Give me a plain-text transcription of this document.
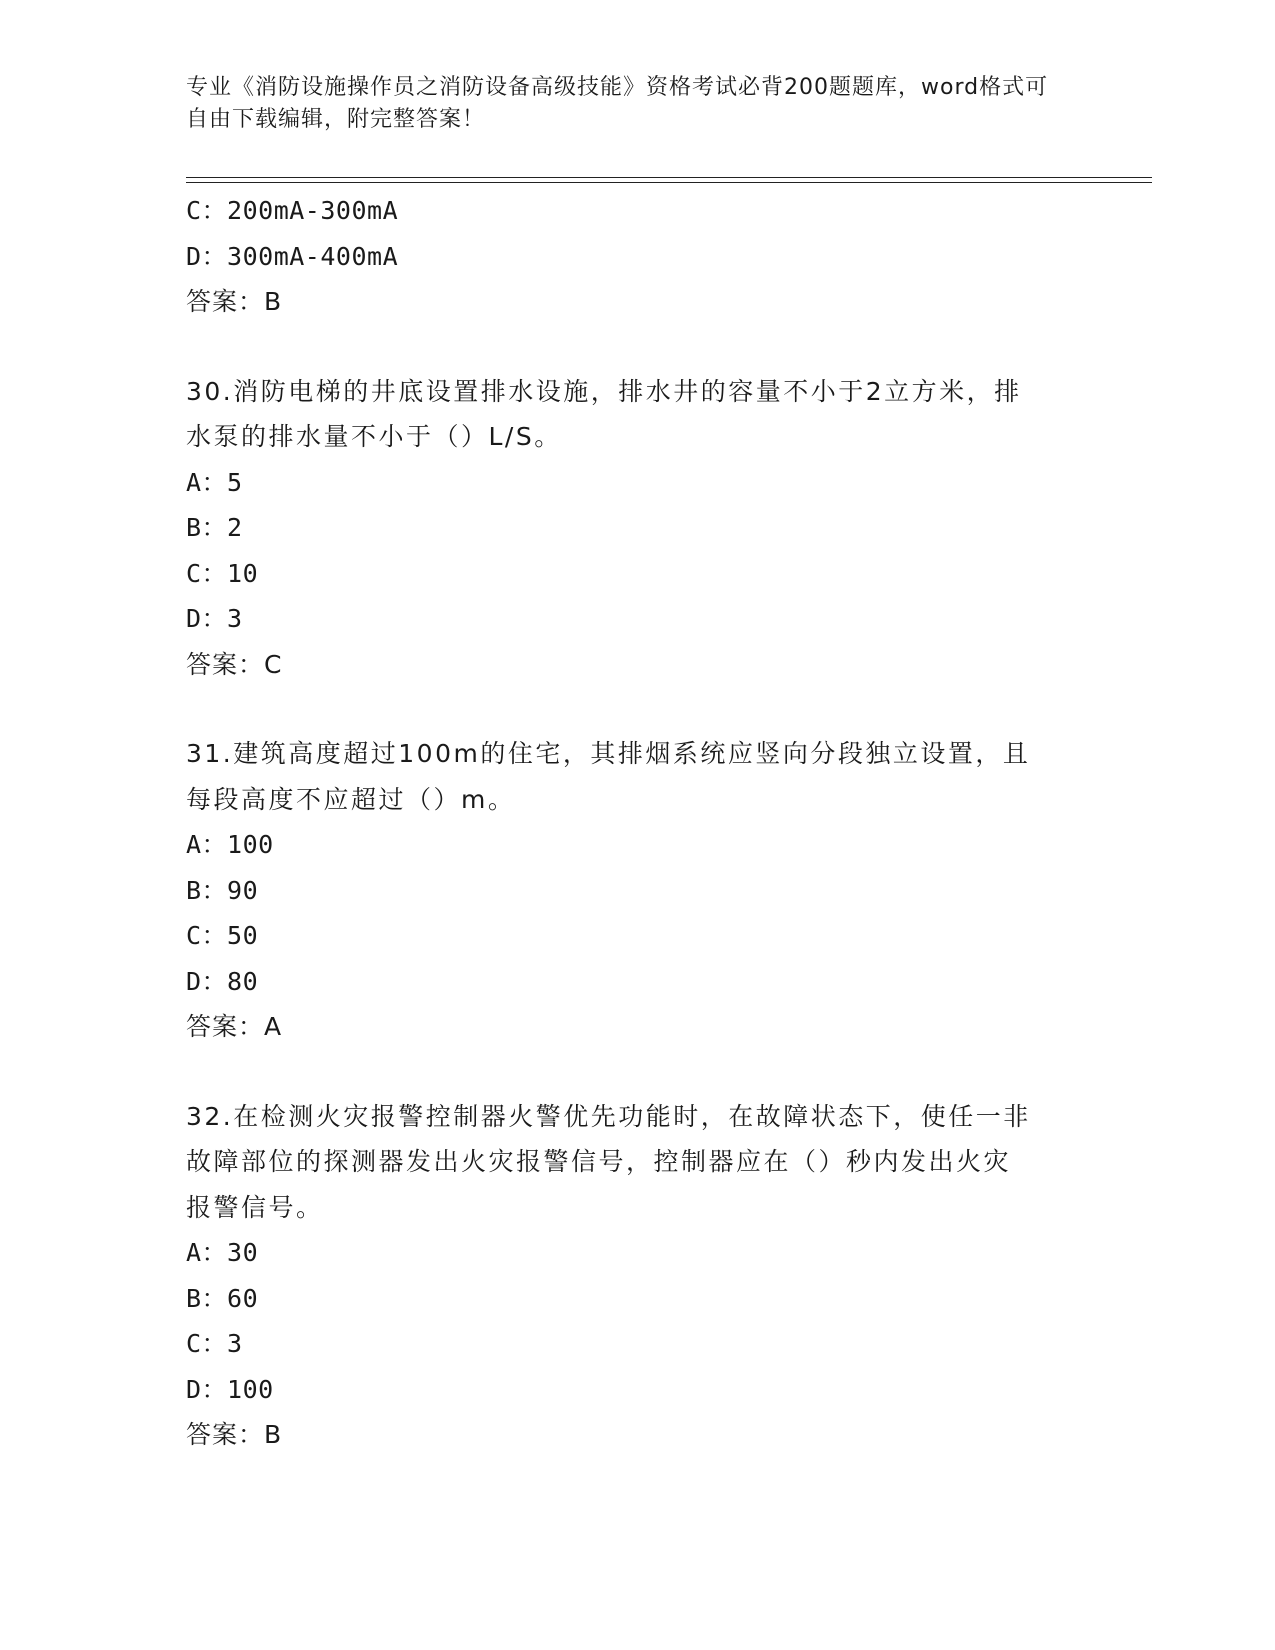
专业《消防设施操作员之消防设备高级技能》资格考试必背200题题库，word格式可自由下载编辑，附完整答案！
C：200mA-300mA
D：300mA-400mA
答案：B
30.消防电梯的井底设置排水设施，排水井的容量不小于2立方米，排
水泵的排水量不小于（）L/S。
A：5
B：2
C：10
D：3
答案：C
31.建筑高度超过100m的住宅，其排烟系统应竖向分段独立设置，且
每段高度不应超过（）m。
A：100
B：90
C：50
D：80
答案：A
32.在检测火灾报警控制器火警优先功能时，在故障状态下，使任一非
故障部位的探测器发出火灾报警信号，控制器应在（）秒内发出火灾
报警信号。
A：30
B：60
C：3
D：100
答案：B
